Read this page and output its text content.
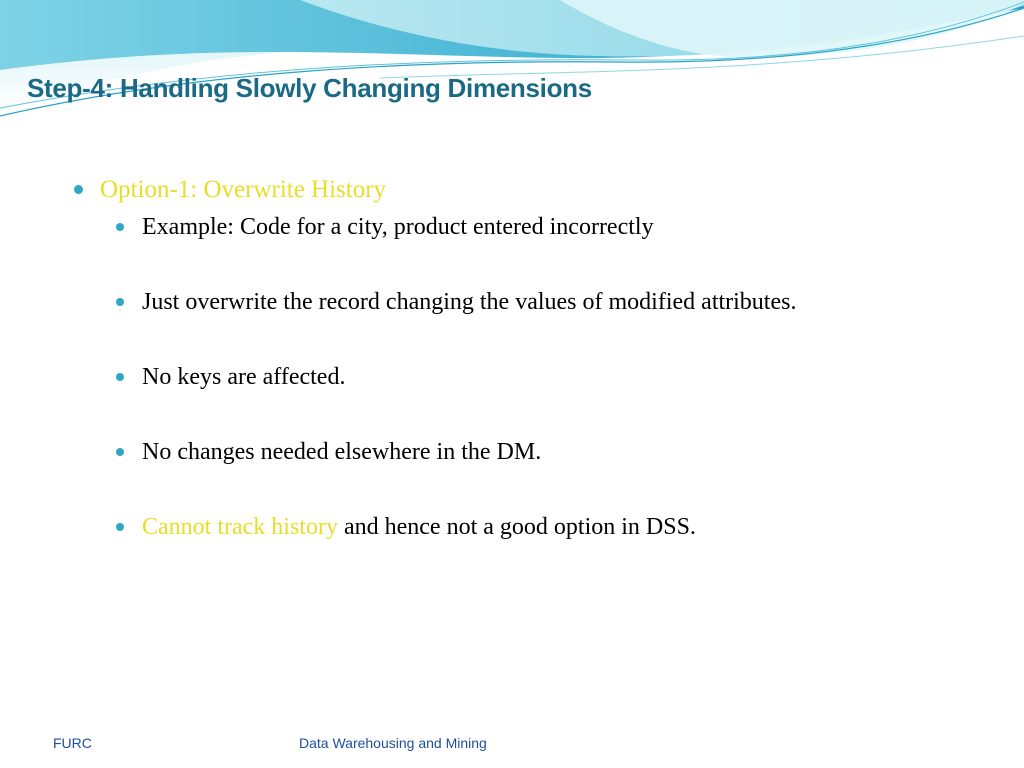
Step-4: Handling Slowly Changing Dimensions
Option-1: Overwrite History
Example: Code for a city, product entered incorrectly
Just overwrite the record changing the values of modified attributes.
No keys are affected.
No changes needed elsewhere in the DM.
Cannot track history and hence not a good option in DSS.
FURC	Data Warehousing and Mining
